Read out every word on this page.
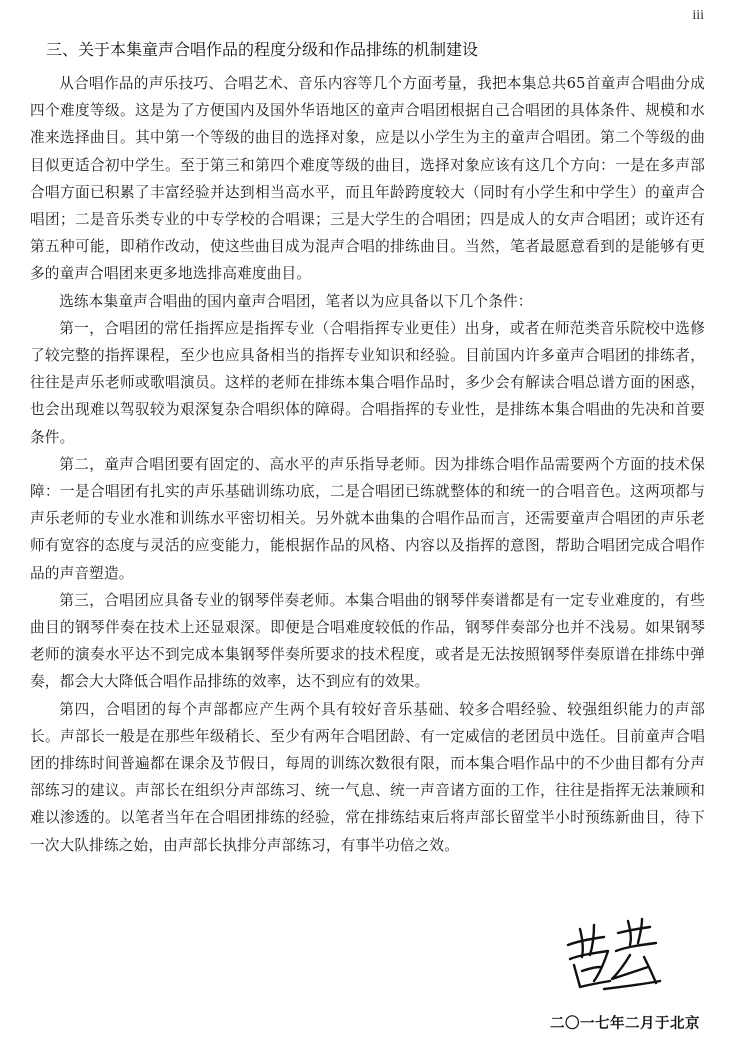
iii
三、关于本集童声合唱作品的程度分级和作品排练的机制建设

从合唱作品的声乐技巧、合唱艺术、音乐内容等几个方面考量，我把本集总共65首童声合唱曲分成四个难度等级。这是为了方便国内及国外华语地区的童声合唱团根据自己合唱团的具体条件、规模和水准来选择曲目。其中第一个等级的曲目的选择对象，应是以小学生为主的童声合唱团。第二个等级的曲目似更适合初中学生。至于第三和第四个难度等级的曲目，选择对象应该有这几个方向：一是在多声部合唱方面已积累了丰富经验并达到相当高水平，而且年龄跨度较大（同时有小学生和中学生）的童声合唱团；二是音乐类专业的中专学校的合唱课；三是大学生的合唱团；四是成人的女声合唱团；或许还有第五种可能，即稍作改动，使这些曲目成为混声合唱的排练曲目。当然，笔者最愿意看到的是能够有更多的童声合唱团来更多地选排高难度曲目。

选练本集童声合唱曲的国内童声合唱团，笔者以为应具备以下几个条件：

第一，合唱团的常任指挥应是指挥专业（合唱指挥专业更佳）出身，或者在师范类音乐院校中选修了较完整的指挥课程，至少也应具备相当的指挥专业知识和经验。目前国内许多童声合唱团的排练者，往往是声乐老师或歌唱演员。这样的老师在排练本集合唱作品时，多少会有解读合唱总谱方面的困惑，也会出现难以驾驭较为艰深复杂合唱织体的障碍。合唱指挥的专业性，是排练本集合唱曲的先决和首要条件。

第二，童声合唱团要有固定的、高水平的声乐指导老师。因为排练合唱作品需要两个方面的技术保障：一是合唱团有扎实的声乐基础训练功底，二是合唱团已练就整体的和统一的合唱音色。这两项都与声乐老师的专业水准和训练水平密切相关。另外就本曲集的合唱作品而言，还需要童声合唱团的声乐老师有宽容的态度与灵活的应变能力，能根据作品的风格、内容以及指挥的意图，帮助合唱团完成合唱作品的声音塑造。

第三，合唱团应具备专业的钢琴伴奏老师。本集合唱曲的钢琴伴奏谱都是有一定专业难度的，有些曲目的钢琴伴奏在技术上还显艰深。即便是合唱难度较低的作品，钢琴伴奏部分也并不浅易。如果钢琴老师的演奏水平达不到完成本集钢琴伴奏所要求的技术程度，或者是无法按照钢琴伴奏原谱在排练中弹奏，都会大大降低合唱作品排练的效率，达不到应有的效果。

第四，合唱团的每个声部都应产生两个具有较好音乐基础、较多合唱经验、较强组织能力的声部长。声部长一般是在那些年级稍长、至少有两年合唱团龄、有一定威信的老团员中选任。目前童声合唱团的排练时间普遍都在课余及节假日，每周的训练次数很有限，而本集合唱作品中的不少曲目都有分声部练习的建议。声部长在组织分声部练习、统一气息、统一声音诸方面的工作，往往是指挥无法兼顾和难以渗透的。以笔者当年在合唱团排练的经验，常在排练结束后将声部长留堂半小时预练新曲目，待下一次大队排练之始，由声部长执排分声部练习，有事半功倍之效。

二〇一七年二月于北京
